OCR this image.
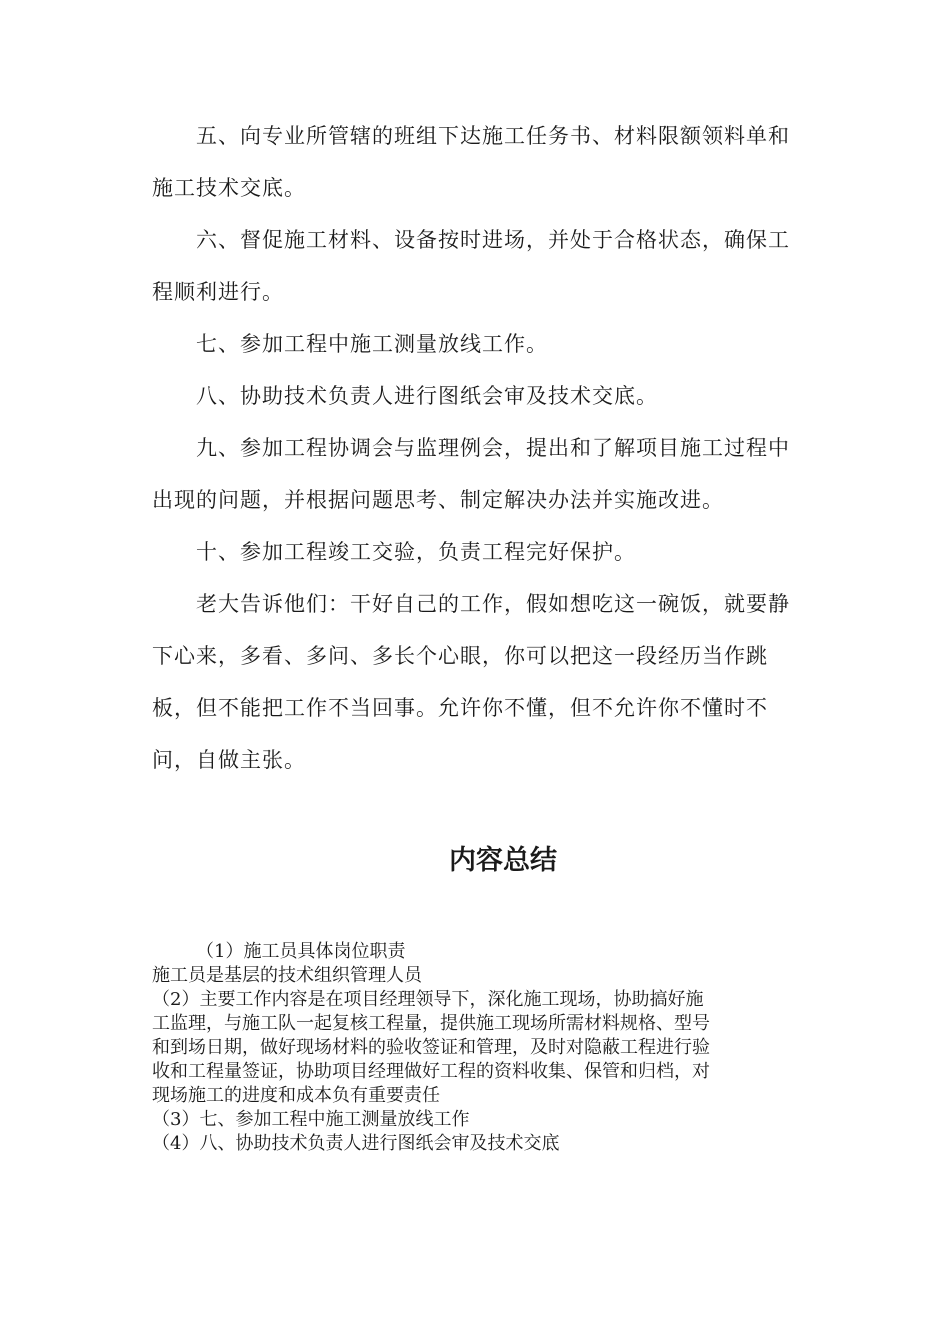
五、向专业所管辖的班组下达施工任务书、材料限额领料单和
施工技术交底。

六、督促施工材料、设备按时进场，并处于合格状态，确保工
程顺利进行。

七、参加工程中施工测量放线工作。

八、协助技术负责人进行图纸会审及技术交底。

九、参加工程协调会与监理例会，提出和了解项目施工过程中
出现的问题，并根据问题思考、制定解决办法并实施改进。

十、参加工程竣工交验，负责工程完好保护。

老大告诉他们：干好自己的工作，假如想吃这一碗饭，就要静
下心来，多看、多问、多长个心眼，你可以把这一段经历当作跳
板，但不能把工作不当回事。允许你不懂，但不允许你不懂时不
问，自做主张。

内容总结
（1）施工员具体岗位职责
施工员是基层的技术组织管理人员
（2）主要工作内容是在项目经理领导下，深化施工现场，协助搞好施
工监理，与施工队一起复核工程量，提供施工现场所需材料规格、型号
和到场日期，做好现场材料的验收签证和管理，及时对隐蔽工程进行验
收和工程量签证，协助项目经理做好工程的资料收集、保管和归档，对
现场施工的进度和成本负有重要责任
（3）七、参加工程中施工测量放线工作
（4）八、协助技术负责人进行图纸会审及技术交底
